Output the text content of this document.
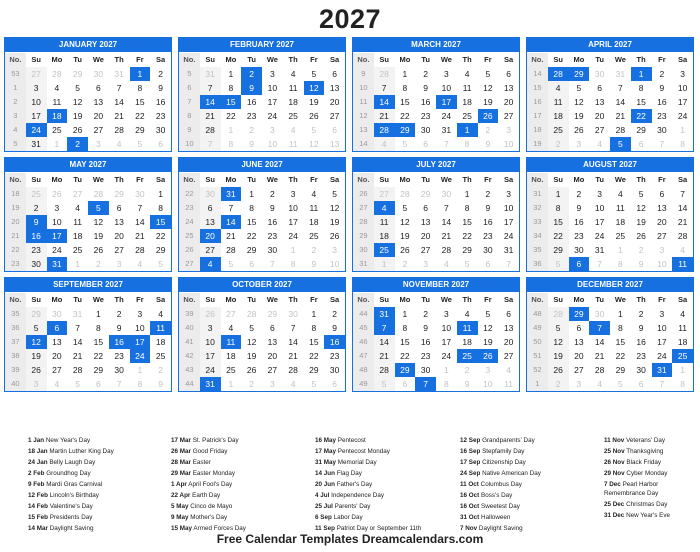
2027
JANUARY 2027
No.	Su	Mo	Tu	We	Th	Fr	Sa
53	27	28	29	30	31	1	2
1	3	4	5	6	7	8	9
2	10	11	12	13	14	15	16
3	17	18	19	20	21	22	23
4	24	25	26	27	28	29	30
5	31	1	2	3	4	5	6
FEBRUARY 2027
No.	Su	Mo	Tu	We	Th	Fr	Sa
5	31	1	2	3	4	5	6
6	7	8	9	10	11	12	13
7	14	15	16	17	18	19	20
8	21	22	23	24	25	26	27
9	28	1	2	3	4	5	6
10	7	8	9	10	11	12	13
MARCH 2027
No.	Su	Mo	Tu	We	Th	Fr	Sa
9	28	1	2	3	4	5	6
10	7	8	9	10	11	12	13
11	14	15	16	17	18	19	20
12	21	22	23	24	25	26	27
13	28	29	30	31	1	2	3
14	4	5	6	7	8	9	10
APRIL 2027
No.	Su	Mo	Tu	We	Th	Fr	Sa
14	28	29	30	31	1	2	3
15	4	5	6	7	8	9	10
16	11	12	13	14	15	16	17
17	18	19	20	21	22	23	24
18	25	26	27	28	29	30	1
19	2	3	4	5	6	7	8
MAY 2027
No.	Su	Mo	Tu	We	Th	Fr	Sa
18	25	26	27	28	29	30	1
19	2	3	4	5	6	7	8
20	9	10	11	12	13	14	15
21	16	17	18	19	20	21	22
22	23	24	25	26	27	28	29
23	30	31	1	2	3	4	5
JUNE 2027
No.	Su	Mo	Tu	We	Th	Fr	Sa
22	30	31	1	2	3	4	5
23	6	7	8	9	10	11	12
24	13	14	15	16	17	18	19
25	20	21	22	23	24	25	26
26	27	28	29	30	1	2	3
27	4	5	6	7	8	9	10
JULY 2027
No.	Su	Mo	Tu	We	Th	Fr	Sa
26	27	28	29	30	1	2	3
27	4	5	6	7	8	9	10
28	11	12	13	14	15	16	17
29	18	19	20	21	22	23	24
30	25	26	27	28	29	30	31
31	1	2	3	4	5	6	7
AUGUST 2027
No.	Su	Mo	Tu	We	Th	Fr	Sa
31	1	2	3	4	5	6	7
32	8	9	10	11	12	13	14
33	15	16	17	18	19	20	21
34	22	23	24	25	26	27	28
35	29	30	31	1	2	3	4
36	5	6	7	8	9	10	11
SEPTEMBER 2027
No.	Su	Mo	Tu	We	Th	Fr	Sa
35	29	30	31	1	2	3	4
36	5	6	7	8	9	10	11
37	12	13	14	15	16	17	18
38	19	20	21	22	23	24	25
39	26	27	28	29	30	1	2
40	3	4	5	6	7	8	9
OCTOBER 2027
No.	Su	Mo	Tu	We	Th	Fr	Sa
39	26	27	28	29	30	1	2
40	3	4	5	6	7	8	9
41	10	11	12	13	14	15	16
42	17	18	19	20	21	22	23
43	24	25	26	27	28	29	30
44	31	1	2	3	4	5	6
NOVEMBER 2027
No.	Su	Mo	Tu	We	Th	Fr	Sa
44	31	1	2	3	4	5	6
45	7	8	9	10	11	12	13
46	14	15	16	17	18	19	20
47	21	22	23	24	25	26	27
48	28	29	30	1	2	3	4
49	5	6	7	8	9	10	11
DECEMBER 2027
No.	Su	Mo	Tu	We	Th	Fr	Sa
48	28	29	30	1	2	3	4
49	5	6	7	8	9	10	11
50	12	13	14	15	16	17	18
51	19	20	21	22	23	24	25
52	26	27	28	29	30	31	1
1	2	3	4	5	6	7	8
1 Jan New Year's Day
18 Jan Martin Luther King Day
24 Jan Belly Laugh Day
2 Feb Groundhog Day
9 Feb Mardi Gras Carnival
12 Feb Lincoln's Birthday
14 Feb Valentine's Day
15 Feb Presidents Day
14 Mar Daylight Saving
17 Mar St. Patrick's Day
26 Mar Good Friday
28 Mar Easter
29 Mar Easter Monday
1 Apr April Fool's Day
22 Apr Earth Day
5 May Cinco de Mayo
9 May Mother's Day
15 May Armed Forces Day
16 May Pentecost
17 May Pentecost Monday
31 May Memorial Day
14 Jun Flag Day
20 Jun Father's Day
4 Jul Independence Day
25 Jul Parents' Day
6 Sep Labor Day
11 Sep Patriot Day or September 11th
12 Sep Grandparents' Day
16 Sep Stepfamily Day
17 Sep Citizenship Day
24 Sep Native American Day
11 Oct Columbus Day
16 Oct Boss's Day
16 Oct Sweetest Day
31 Oct Halloween
7 Nov Daylight Saving
11 Nov Veterans' Day
25 Nov Thanksgiving
26 Nov Black Friday
29 Nov Cyber Monday
7 Dec Pearl Harbor Remembrance Day
25 Dec Christmas Day
31 Dec New Year's Eve
Free Calendar Templates Dreamcalendars.com
